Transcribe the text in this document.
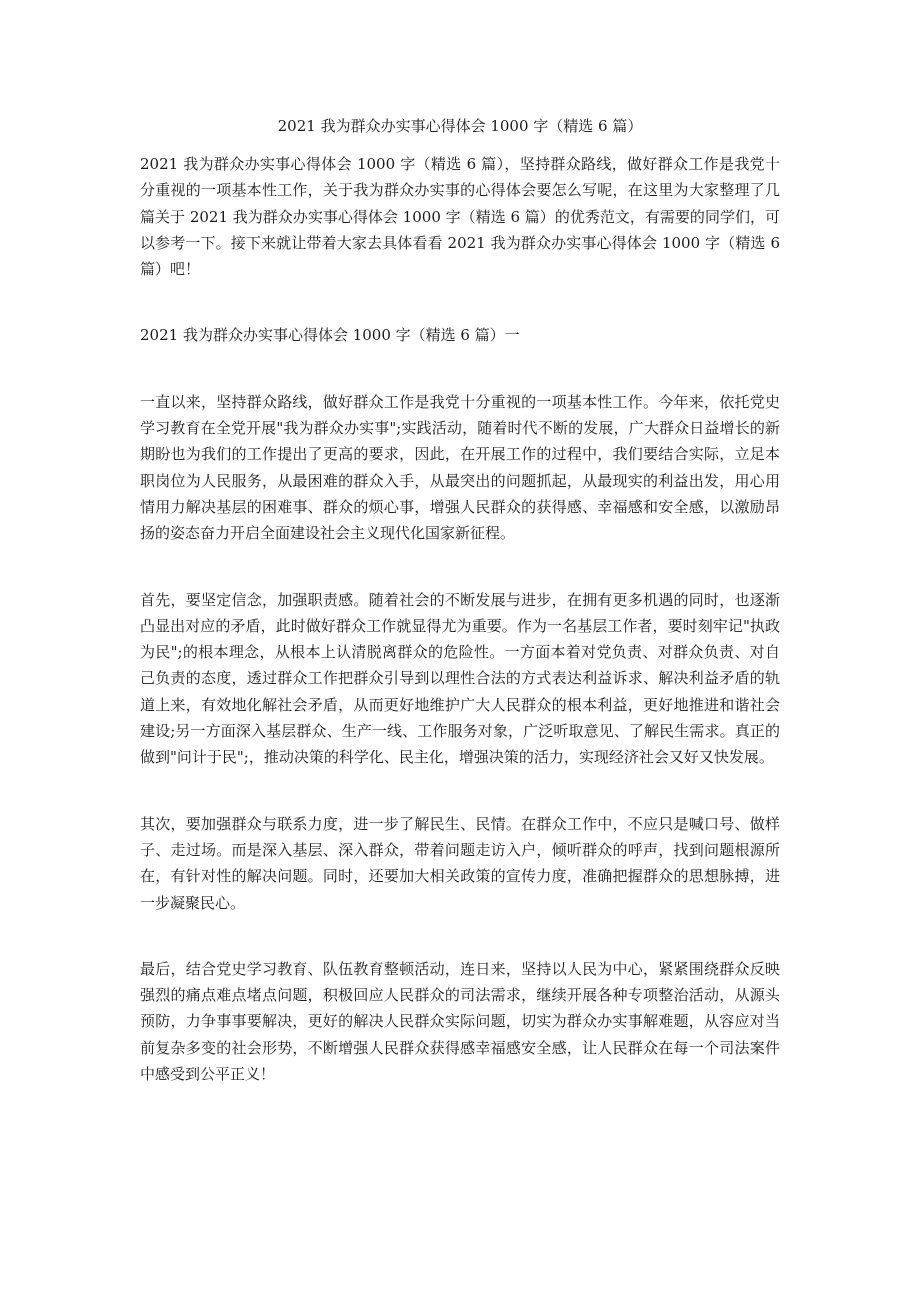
2021 我为群众办实事心得体会 1000 字（精选 6 篇）

2021 我为群众办实事心得体会 1000 字（精选 6 篇），坚持群众路线，做好群众工作是我党十分重视的一项基本性工作，关于我为群众办实事的心得体会要怎么写呢，在这里为大家整理了几篇关于 2021 我为群众办实事心得体会 1000 字（精选 6 篇）的优秀范文，有需要的同学们，可以参考一下。接下来就让带着大家去具体看看 2021 我为群众办实事心得体会 1000 字（精选 6 篇）吧！

2021 我为群众办实事心得体会 1000 字（精选 6 篇）一

一直以来，坚持群众路线，做好群众工作是我党十分重视的一项基本性工作。今年来，依托党史学习教育在全党开展"我为群众办实事";实践活动，随着时代不断的发展，广大群众日益增长的新期盼也为我们的工作提出了更高的要求，因此，在开展工作的过程中，我们要结合实际，立足本职岗位为人民服务，从最困难的群众入手，从最突出的问题抓起，从最现实的利益出发，用心用情用力解决基层的困难事、群众的烦心事，增强人民群众的获得感、幸福感和安全感，以激励昂扬的姿态奋力开启全面建设社会主义现代化国家新征程。

首先，要坚定信念，加强职责感。随着社会的不断发展与进步，在拥有更多机遇的同时，也逐渐凸显出对应的矛盾，此时做好群众工作就显得尤为重要。作为一名基层工作者，要时刻牢记"执政为民";的根本理念，从根本上认清脱离群众的危险性。一方面本着对党负责、对群众负责、对自己负责的态度，透过群众工作把群众引导到以理性合法的方式表达利益诉求、解决利益矛盾的轨道上来，有效地化解社会矛盾，从而更好地维护广大人民群众的根本利益，更好地推进和谐社会建设;另一方面深入基层群众、生产一线、工作服务对象，广泛听取意见、了解民生需求。真正的做到"问计于民";，推动决策的科学化、民主化，增强决策的活力，实现经济社会又好又快发展。

其次，要加强群众与联系力度，进一步了解民生、民情。在群众工作中，不应只是喊口号、做样子、走过场。而是深入基层、深入群众，带着问题走访入户，倾听群众的呼声，找到问题根源所在，有针对性的解决问题。同时，还要加大相关政策的宣传力度，准确把握群众的思想脉搏，进一步凝聚民心。

最后，结合党史学习教育、队伍教育整顿活动，连日来，坚持以人民为中心，紧紧围绕群众反映强烈的痛点难点堵点问题，积极回应人民群众的司法需求，继续开展各种专项整治活动，从源头预防，力争事事要解决，更好的解决人民群众实际问题，切实为群众办实事解难题，从容应对当前复杂多变的社会形势，不断增强人民群众获得感幸福感安全感，让人民群众在每一个司法案件中感受到公平正义！
